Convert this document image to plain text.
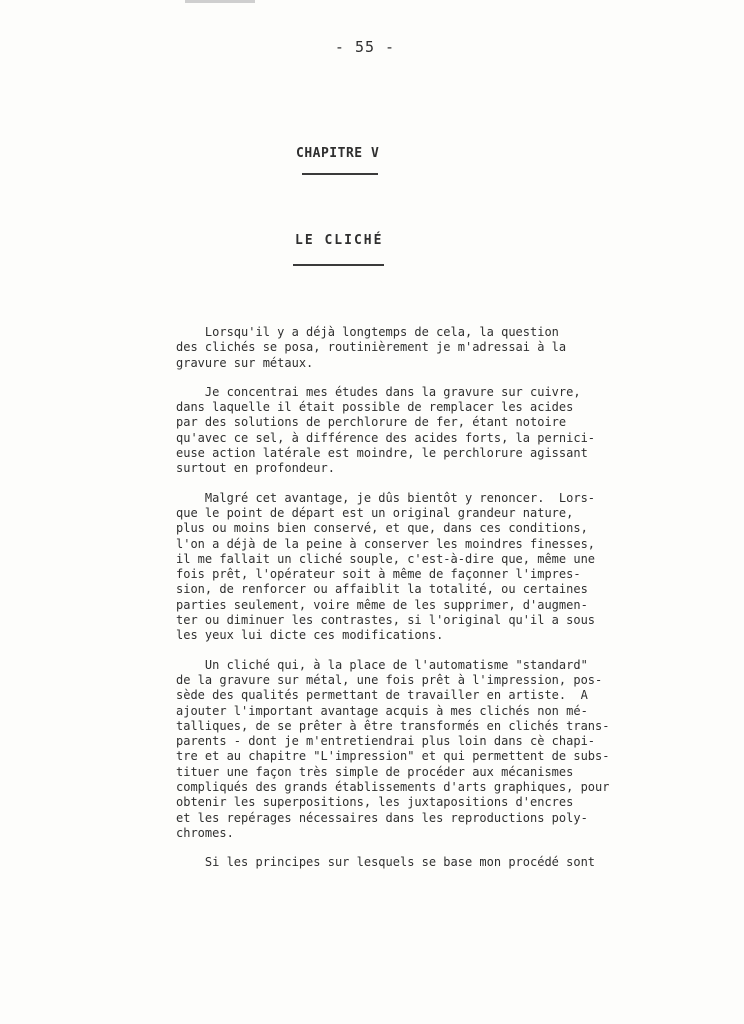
- 55 -
CHAPITRE V
LE CLICHÉ
Lorsqu'il y a déjà longtemps de cela, la question
des clichés se posa, routinièrement je m'adressai à la
gravure sur métaux.
Je concentrai mes études dans la gravure sur cuivre,
dans laquelle il était possible de remplacer les acides
par des solutions de perchlorure de fer, étant notoire
qu'avec ce sel, à différence des acides forts, la pernici-
euse action latérale est moindre, le perchlorure agissant
surtout en profondeur.
Malgré cet avantage, je dûs bientôt y renoncer.  Lors-
que le point de départ est un original grandeur nature,
plus ou moins bien conservé, et que, dans ces conditions,
l'on a déjà de la peine à conserver les moindres finesses,
il me fallait un cliché souple, c'est-à-dire que, même une
fois prêt, l'opérateur soit à même de façonner l'impres-
sion, de renforcer ou affaiblit la totalité, ou certaines
parties seulement, voire même de les supprimer, d'augmen-
ter ou diminuer les contrastes, si l'original qu'il a sous
les yeux lui dicte ces modifications.
Un cliché qui, à la place de l'automatisme "standard"
de la gravure sur métal, une fois prêt à l'impression, pos-
sède des qualités permettant de travailler en artiste.  A
ajouter l'important avantage acquis à mes clichés non mé-
talliques, de se prêter à être transformés en clichés trans-
parents - dont je m'entretiendrai plus loin dans cè chapi-
tre et au chapitre "L'impression" et qui permettent de subs-
tituer une façon très simple de procéder aux mécanismes
compliqués des grands établissements d'arts graphiques, pour
obtenir les superpositions, les juxtapositions d'encres
et les repérages nécessaires dans les reproductions poly-
chromes.
Si les principes sur lesquels se base mon procédé sont
